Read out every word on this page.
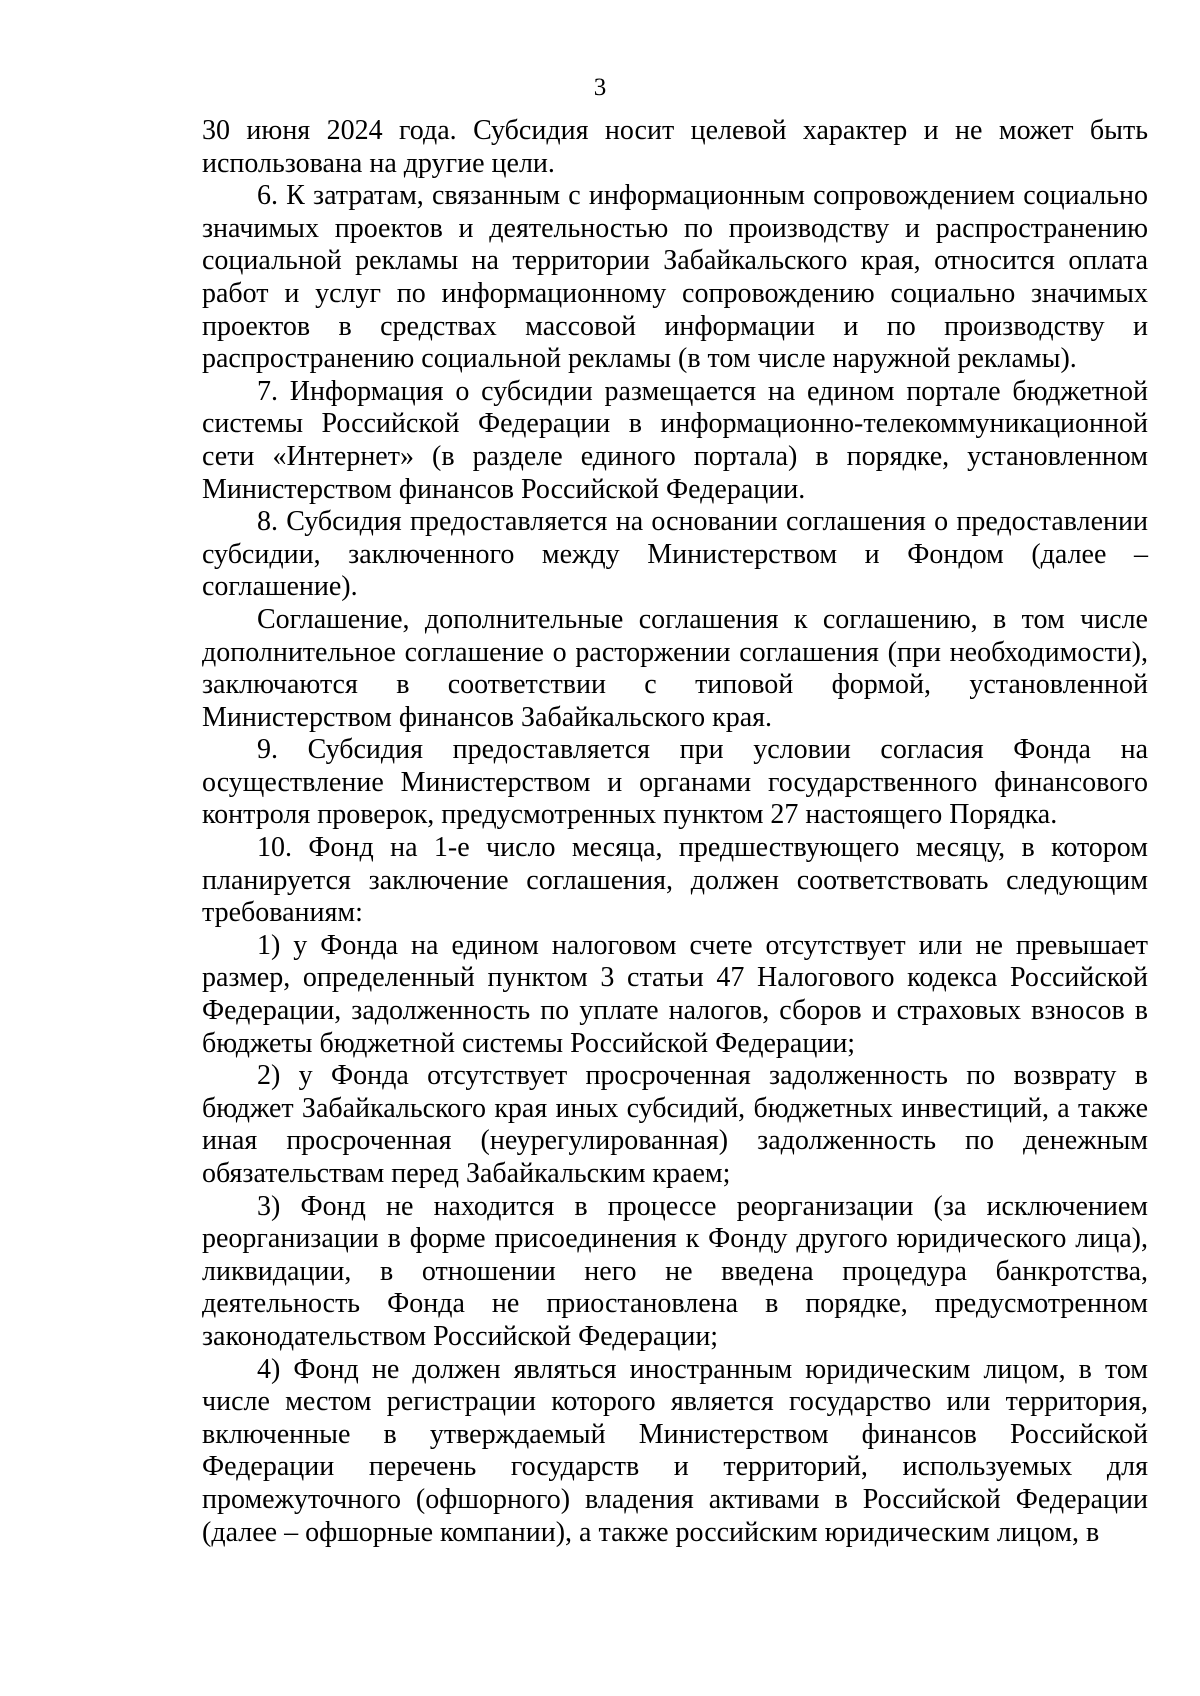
3

30 июня 2024 года. Субсидия носит целевой характер и не может быть использована на другие цели.

6. К затратам, связанным с информационным сопровождением социально значимых проектов и деятельностью по производству и распространению социальной рекламы на территории Забайкальского края, относится оплата работ и услуг по информационному сопровождению социально значимых проектов в средствах массовой информации и по производству и распространению социальной рекламы (в том числе наружной рекламы).

7. Информация о субсидии размещается на едином портале бюджетной системы Российской Федерации в информационно-телекоммуникационной сети «Интернет» (в разделе единого портала) в порядке, установленном Министерством финансов Российской Федерации.

8. Субсидия предоставляется на основании соглашения о предоставлении субсидии, заключенного между Министерством и Фондом (далее – соглашение).

Соглашение, дополнительные соглашения к соглашению, в том числе дополнительное соглашение о расторжении соглашения (при необходимости), заключаются в соответствии с типовой формой, установленной Министерством финансов Забайкальского края.

9. Субсидия предоставляется при условии согласия Фонда на осуществление Министерством и органами государственного финансового контроля проверок, предусмотренных пунктом 27 настоящего Порядка.

10. Фонд на 1-е число месяца, предшествующего месяцу, в котором планируется заключение соглашения, должен соответствовать следующим требованиям:

1) у Фонда на едином налоговом счете отсутствует или не превышает размер, определенный пунктом 3 статьи 47 Налогового кодекса Российской Федерации, задолженность по уплате налогов, сборов и страховых взносов в бюджеты бюджетной системы Российской Федерации;

2) у Фонда отсутствует просроченная задолженность по возврату в бюджет Забайкальского края иных субсидий, бюджетных инвестиций, а также иная просроченная (неурегулированная) задолженность по денежным обязательствам перед Забайкальским краем;

3) Фонд не находится в процессе реорганизации (за исключением реорганизации в форме присоединения к Фонду другого юридического лица), ликвидации, в отношении него не введена процедура банкротства, деятельность Фонда не приостановлена в порядке, предусмотренном законодательством Российской Федерации;

4) Фонд не должен являться иностранным юридическим лицом, в том числе местом регистрации которого является государство или территория, включенные в утверждаемый Министерством финансов Российской Федерации перечень государств и территорий, используемых для промежуточного (офшорного) владения активами в Российской Федерации (далее – офшорные компании), а также российским юридическим лицом, в
